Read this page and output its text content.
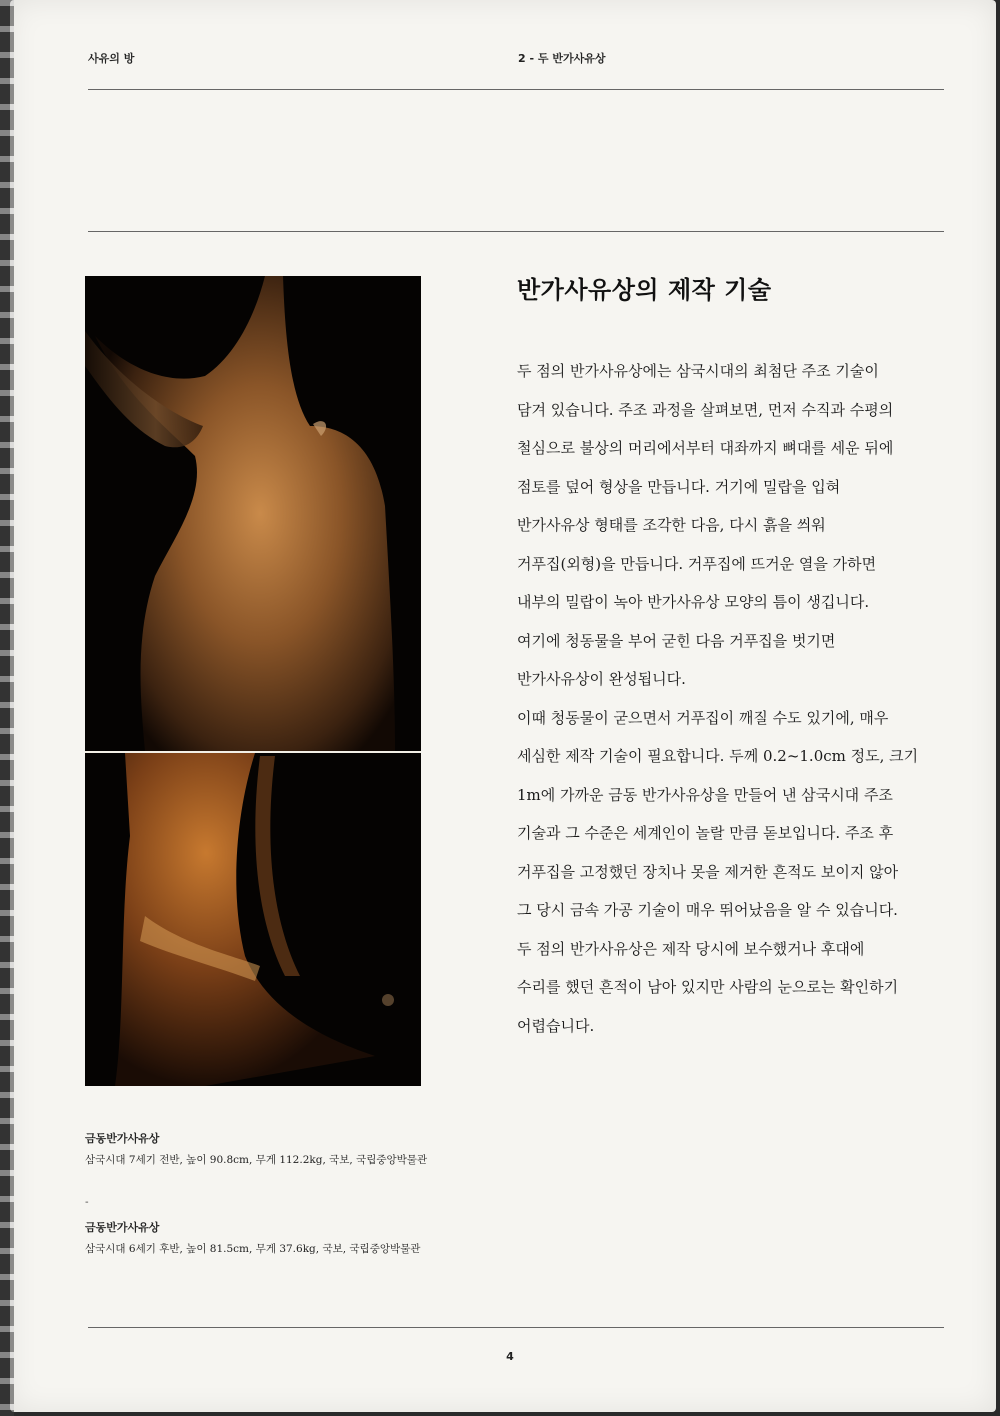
사유의 방	2 - 두 반가사유상
반가사유상의 제작 기술
두 점의 반가사유상에는 삼국시대의 최첨단 주조 기술이
담겨 있습니다. 주조 과정을 살펴보면, 먼저 수직과 수평의
철심으로 불상의 머리에서부터 대좌까지 뼈대를 세운 뒤에
점토를 덮어 형상을 만듭니다. 거기에 밀랍을 입혀
반가사유상 형태를 조각한 다음, 다시 흙을 씌워
거푸집(외형)을 만듭니다. 거푸집에 뜨거운 열을 가하면
내부의 밀랍이 녹아 반가사유상 모양의 틈이 생깁니다.
여기에 청동물을 부어 굳힌 다음 거푸집을 벗기면
반가사유상이 완성됩니다.
이때 청동물이 굳으면서 거푸집이 깨질 수도 있기에, 매우
세심한 제작 기술이 필요합니다. 두께 0.2~1.0cm 정도, 크기
1m에 가까운 금동 반가사유상을 만들어 낸 삼국시대 주조
기술과 그 수준은 세계인이 놀랄 만큼 돋보입니다. 주조 후
거푸집을 고정했던 장치나 못을 제거한 흔적도 보이지 않아
그 당시 금속 가공 기술이 매우 뛰어났음을 알 수 있습니다.
두 점의 반가사유상은 제작 당시에 보수했거나 후대에
수리를 했던 흔적이 남아 있지만 사람의 눈으로는 확인하기
어렵습니다.
금동반가사유상
삼국시대 7세기 전반, 높이 90.8cm, 무게 112.2kg, 국보, 국립중앙박물관
-
금동반가사유상
삼국시대 6세기 후반, 높이 81.5cm, 무게 37.6kg, 국보, 국립중앙박물관
4
